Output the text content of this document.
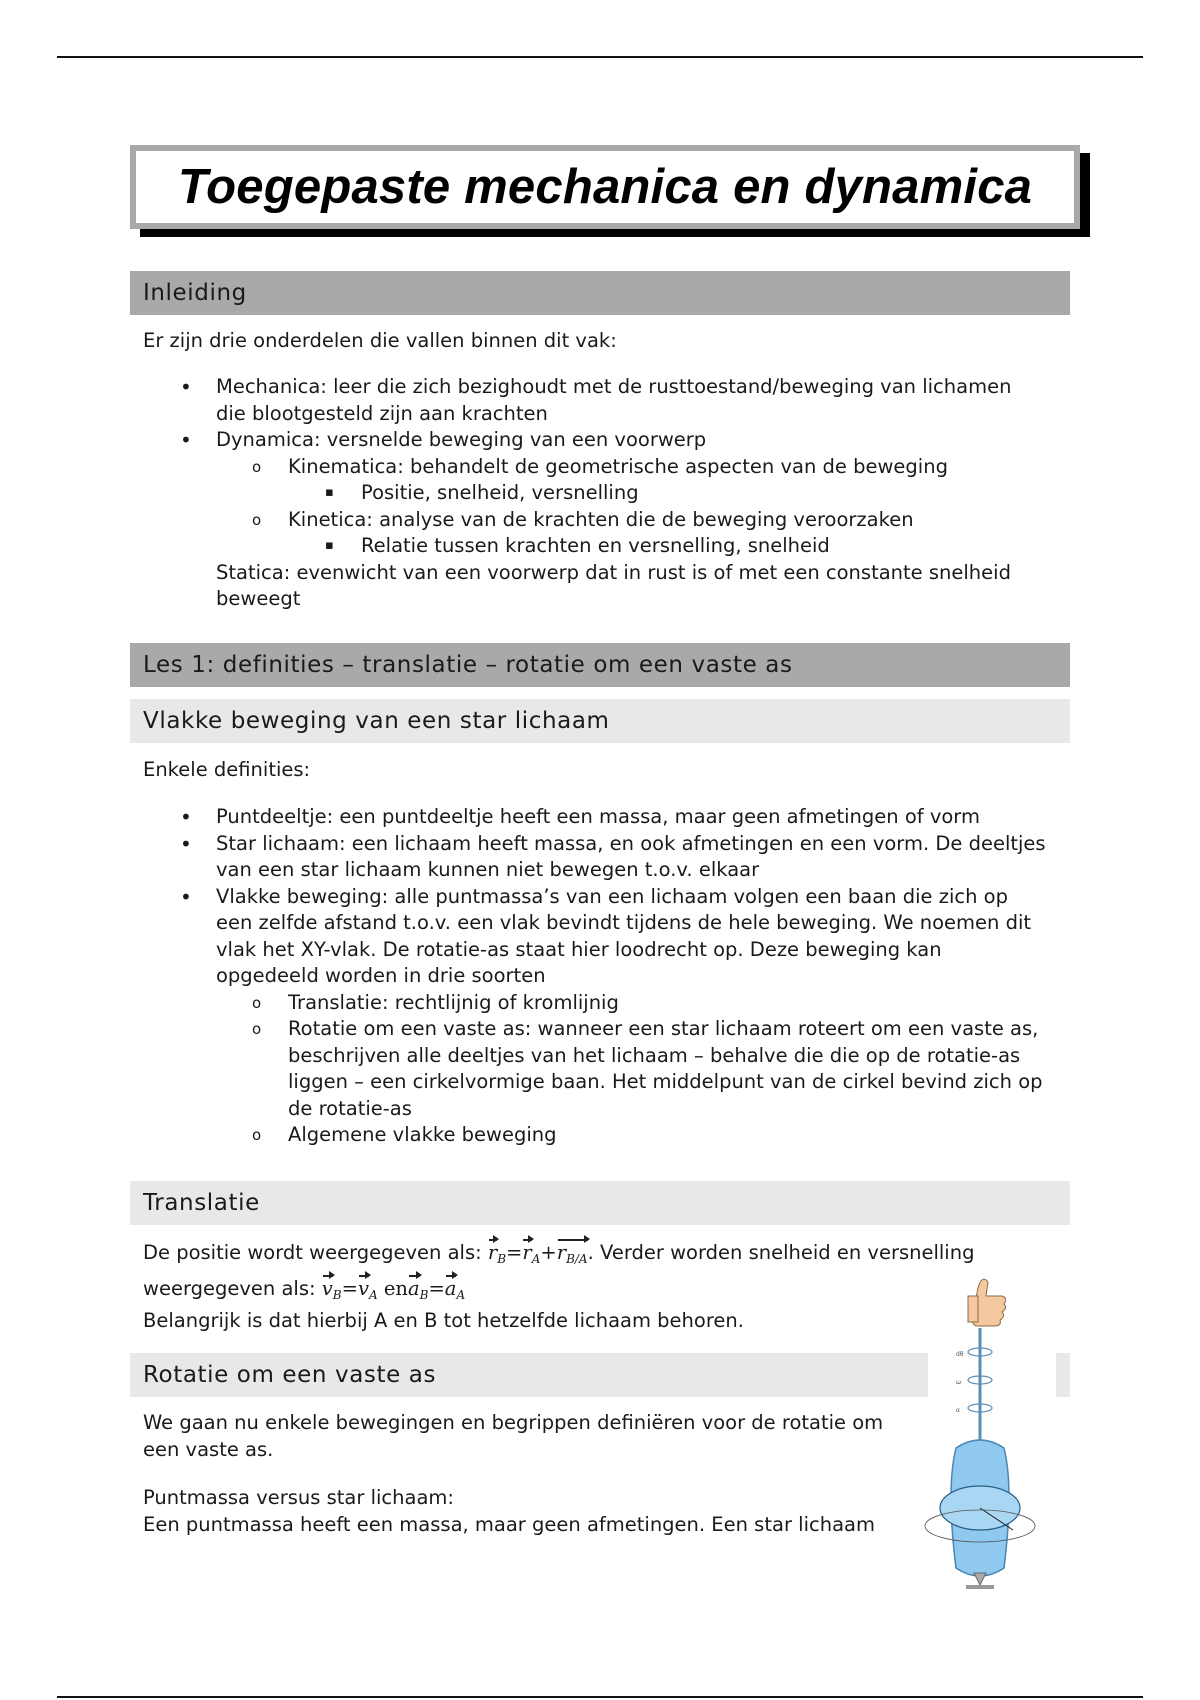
Toegepaste mechanica en dynamica
Inleiding

Er zijn drie onderdelen die vallen binnen dit vak:

• Mechanica: leer die zich bezighoudt met de rusttoestand/beweging van lichamen die blootgesteld zijn aan krachten
• Dynamica: versnelde beweging van een voorwerp
o Kinematica: behandelt de geometrische aspecten van de beweging
▪ Positie, snelheid, versnelling
o Kinetica: analyse van de krachten die de beweging veroorzaken
▪ Relatie tussen krachten en versnelling, snelheid
Statica: evenwicht van een voorwerp dat in rust is of met een constante snelheid beweegt
Les 1: definities – translatie – rotatie om een vaste as
Vlakke beweging van een star lichaam

Enkele definities:

• Puntdeeltje: een puntdeeltje heeft een massa, maar geen afmetingen of vorm
• Star lichaam: een lichaam heeft massa, en ook afmetingen en een vorm. De deeltjes van een star lichaam kunnen niet bewegen t.o.v. elkaar
• Vlakke beweging: alle puntmassa’s van een lichaam volgen een baan die zich op een zelfde afstand t.o.v. een vlak bevindt tijdens de hele beweging. We noemen dit vlak het XY-vlak. De rotatie-as staat hier loodrecht op. Deze beweging kan opgedeeld worden in drie soorten
o Translatie: rechtlijnig of kromlijnig
o Rotatie om een vaste as: wanneer een star lichaam roteert om een vaste as, beschrijven alle deeltjes van het lichaam – behalve die die op de rotatie-as liggen – een cirkelvormige baan. Het middelpunt van de cirkel bevind zich op de rotatie-as
o Algemene vlakke beweging
Translatie
De positie wordt weergegeven als: $r_B=r_A+r_{B/A}$. Verder worden snelheid en versnelling
weergegeven als: $v_B=v_A$ $ena_B=a_A$
Belangrijk is dat hierbij A en B tot hetzelfde lichaam behoren.
Rotatie om een vaste as
We gaan nu enkele bewegingen en begrippen definiëren voor de rotatie om een vaste as.
Puntmassa versus star lichaam:
Een puntmassa heeft een massa, maar geen afmetingen. Een star lichaam
dθ
ω
α
